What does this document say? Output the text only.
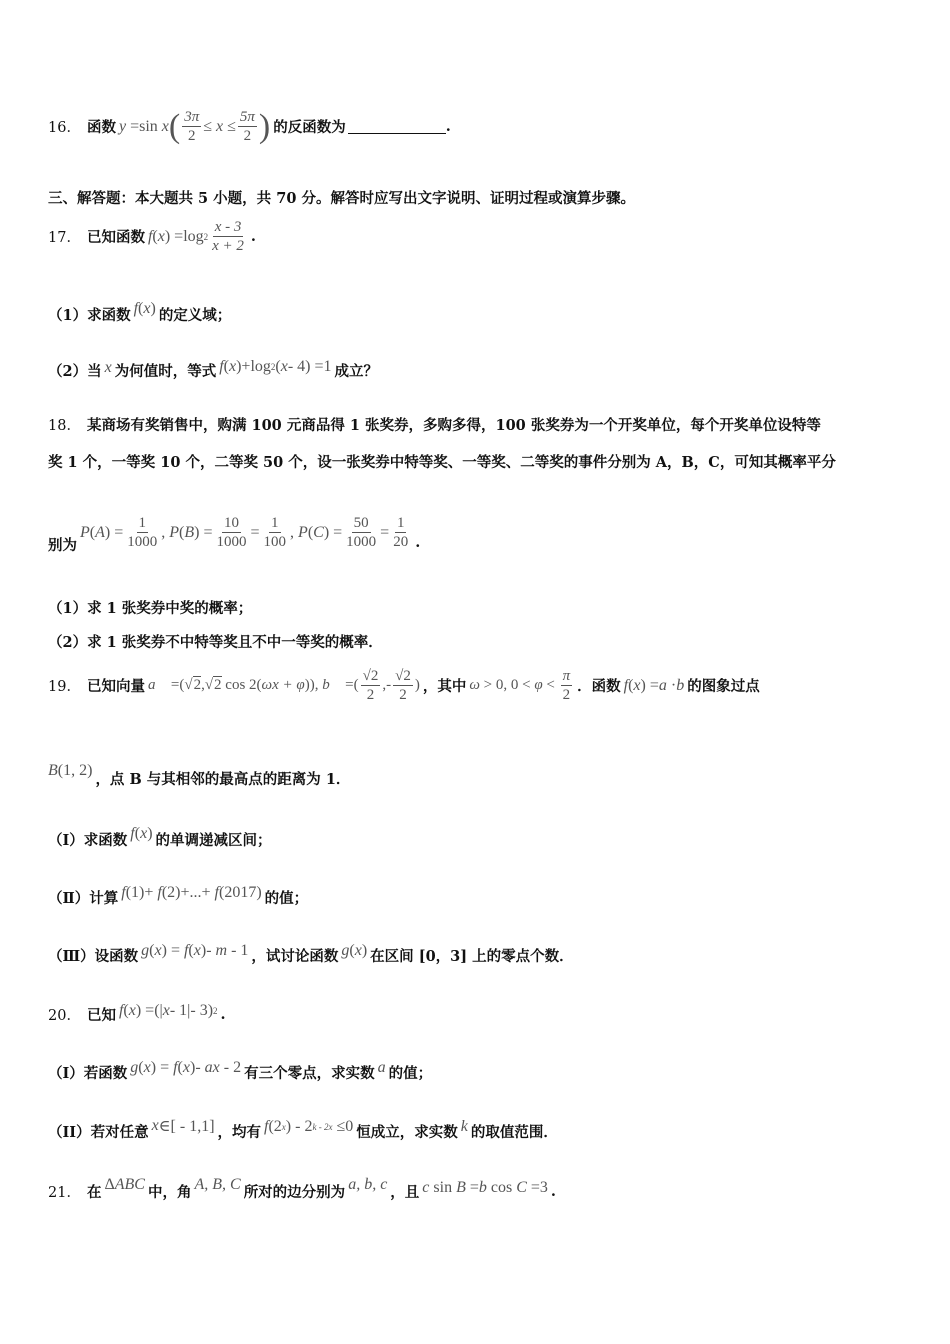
16． 函数 y =sin x ( $\frac{3\pi}{2} \le x \le \frac{5\pi}{2}$ ) 的反函数为	.
三、解答题：本大题共 5 小题，共 70 分。解答时应写出文字说明、证明过程或演算步骤。
17． 已知函数 f ( x ) =log $2 \frac{x - 3}{x + 2}$ .
（1）求函数 f ( x ) 的定义域；
（2）当 x 为何值时，等式 f ( x )+log 2 ( x - 4) =1 成立？
18． 某商场有奖销售中，购满 100 元商品得 1 张奖券，多购多得，100 张奖券为一个开奖单位，每个开奖单位设特等
奖 1 个，一等奖 10 个，二等奖 50 个，设一张奖券中特等奖、一等奖、二等奖的事件分别为 A，B，C，可知其概率平分
别为
P ( A ) = $\frac{1}{1000}$ , P ( B ) = $\frac{10}{1000} = \frac{1}{100}$ , P ( C ) = $\frac{50}{1000} = \frac{1}{20}$ .
（1）求 1 张奖券中奖的概率；
（2）求 1 张奖券不中特等奖且不中一等奖的概率．
19． 已知向量 a⃗ =(√2,√2 cos 2( ωx + φ )), b⃗ =( $\frac{√2}{2}$ ,- $\frac{√2}{2}$ ) ，其中 ω > 0, $0 < \varphi < \frac{\pi}{2}$ ．函数 f ( x ) = a · b 的图象过点
B (1, 2)
，点 B 与其相邻的最高点的距离为 1．
（Ⅰ）求函数 f ( x ) 的单调递减区间；
（Ⅱ）计算 f (1)+ f (2)+...+ f (2017) 的值；
（Ⅲ）设函数 g ( x ) = f ( x )- m - 1 ，试讨论函数 g ( x ) 在区间 [0，3] 上的零点个数．
20． 已知 f ( x ) =(| x - 1|- 3) 2 .
（I）若函数 g ( x ) = f ( x )- ax - 2 有三个零点，求实数 a 的值；
（II）若对任意 x ∈[ - 1,1] ，均有 f (2 x ) - 2 k - 2x ≤0 恒成立，求实数 k 的取值范围．
21． 在 Δ ABC 中，角 A, B, C 所对的边分别为 a, b, c ，且 c sin B = b cos C =3 .
